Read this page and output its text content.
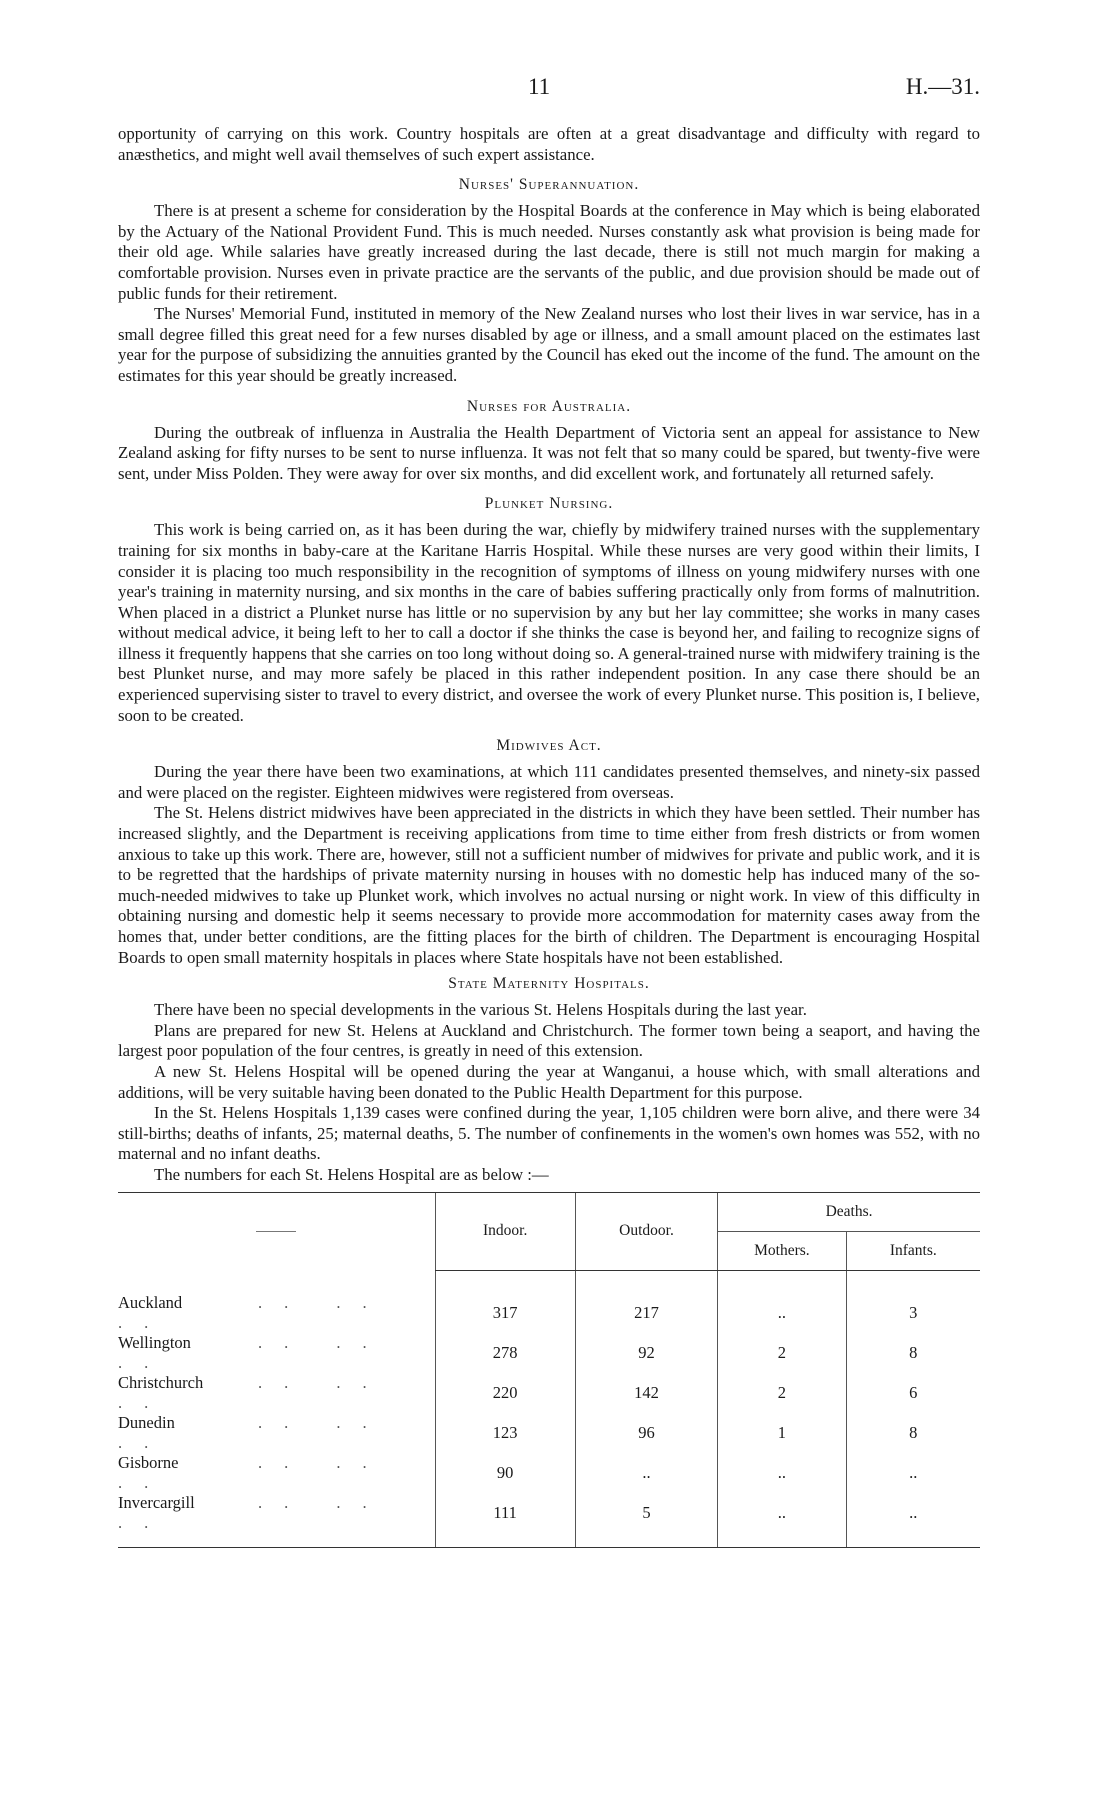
11	H.—31.

opportunity of carrying on this work. Country hospitals are often at a great disadvantage and difficulty with regard to anæsthetics, and might well avail themselves of such expert assistance.

Nurses' Superannuation.

There is at present a scheme for consideration by the Hospital Boards at the conference in May which is being elaborated by the Actuary of the National Provident Fund. This is much needed. Nurses constantly ask what provision is being made for their old age. While salaries have greatly increased during the last decade, there is still not much margin for making a comfortable provision. Nurses even in private practice are the servants of the public, and due provision should be made out of public funds for their retirement.

The Nurses' Memorial Fund, instituted in memory of the New Zealand nurses who lost their lives in war service, has in a small degree filled this great need for a few nurses disabled by age or illness, and a small amount placed on the estimates last year for the purpose of subsidizing the annuities granted by the Council has eked out the income of the fund. The amount on the estimates for this year should be greatly increased.

Nurses for Australia.

During the outbreak of influenza in Australia the Health Department of Victoria sent an appeal for assistance to New Zealand asking for fifty nurses to be sent to nurse influenza. It was not felt that so many could be spared, but twenty-five were sent, under Miss Polden. They were away for over six months, and did excellent work, and fortunately all returned safely.

Plunket Nursing.

This work is being carried on, as it has been during the war, chiefly by midwifery trained nurses with the supplementary training for six months in baby-care at the Karitane Harris Hospital. While these nurses are very good within their limits, I consider it is placing too much responsibility in the recognition of symptoms of illness on young midwifery nurses with one year's training in maternity nursing, and six months in the care of babies suffering practically only from forms of malnutrition. When placed in a district a Plunket nurse has little or no supervision by any but her lay committee; she works in many cases without medical advice, it being left to her to call a doctor if she thinks the case is beyond her, and failing to recognize signs of illness it frequently happens that she carries on too long without doing so. A general-trained nurse with midwifery training is the best Plunket nurse, and may more safely be placed in this rather independent position. In any case there should be an experienced supervising sister to travel to every district, and oversee the work of every Plunket nurse. This position is, I believe, soon to be created.

Midwives Act.

During the year there have been two examinations, at which 111 candidates presented themselves, and ninety-six passed and were placed on the register. Eighteen midwives were registered from overseas.

The St. Helens district midwives have been appreciated in the districts in which they have been settled. Their number has increased slightly, and the Department is receiving applications from time to time either from fresh districts or from women anxious to take up this work. There are, however, still not a sufficient number of midwives for private and public work, and it is to be regretted that the hardships of private maternity nursing in houses with no domestic help has induced many of the so-much-needed midwives to take up Plunket work, which involves no actual nursing or night work. In view of this difficulty in obtaining nursing and domestic help it seems necessary to provide more accommodation for maternity cases away from the homes that, under better conditions, are the fitting places for the birth of children. The Department is encouraging Hospital Boards to open small maternity hospitals in places where State hospitals have not been established.

State Maternity Hospitals.

There have been no special developments in the various St. Helens Hospitals during the last year.

Plans are prepared for new St. Helens at Auckland and Christchurch. The former town being a seaport, and having the largest poor population of the four centres, is greatly in need of this extension.

A new St. Helens Hospital will be opened during the year at Wanganui, a house which, with small alterations and additions, will be very suitable having been donated to the Public Health Department for this purpose.

In the St. Helens Hospitals 1,139 cases were confined during the year, 1,105 children were born alive, and there were 34 still-births; deaths of infants, 25; maternal deaths, 5. The number of confinements in the women's own homes was 552, with no maternal and no infant deaths.

The numbers for each St. Helens Hospital are as below :—

	Indoor.	Outdoor.	Deaths.	
			Mothers.	Infants.

Auckland .. .. ..	317	217	..	3
Wellington .. .. ..	278	92	2	8
Christchurch .. .. ..	220	142	2	6
Dunedin .. .. ..	123	96	1	8
Gisborne .. .. ..	90	..	..	..
Invercargill .. .. ..	111	5	..	..
